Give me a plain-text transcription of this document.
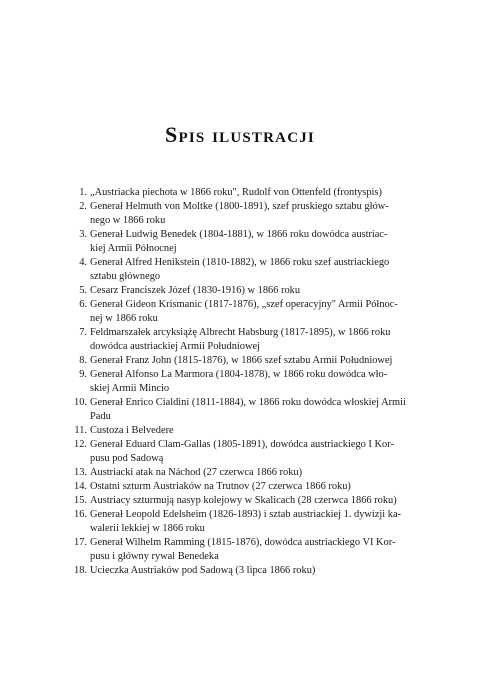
Spis ilustracji
1. „Austriacka piechota w 1866 roku", Rudolf von Ottenfeld (frontyspis)
2. Generał Helmuth von Moltke (1800-1891), szef pruskiego sztabu głów-
nego w 1866 roku
3. Generał Ludwig Benedek (1804-1881), w 1866 roku dowódca austriac-
kiej Armii Północnej
4. Generał Alfred Henikstein (1810-1882), w 1866 roku szef austriackiego
sztabu głównego
5. Cesarz Franciszek Józef (1830-1916) w 1866 roku
6. Generał Gideon Krismanic (1817-1876), „szef operacyjny" Armii Północ-
nej w 1866 roku
7. Feldmarszałek arcyksiążę Albrecht Habsburg (1817-1895), w 1866 roku
dowódca austriackiej Armii Południowej
8. Generał Franz John (1815-1876), w 1866 szef sztabu Armii Południowej
9. Generał Alfonso La Marmora (1804-1878), w 1866 roku dowódca wło-
skiej Armii Mincio
10. Generał Enrico Cialdini (1811-1884), w 1866 roku dowódca włoskiej Armii
Padu
11. Custoza i Belvedere
12. Generał Eduard Clam-Gallas (1805-1891), dowódca austriackiego I Kor-
pusu pod Sadową
13. Austriacki atak na Náchod (27 czerwca 1866 roku)
14. Ostatni szturm Austriaków na Trutnov (27 czerwca 1866 roku)
15. Austriacy szturmują nasyp kolejowy w Skalicach (28 czerwca 1866 roku)
16. Generał Leopold Edelsheim (1826-1893) i sztab austriackiej 1. dywizji ka-
walerii lekkiej w 1866 roku
17. Generał Wilhelm Ramming (1815-1876), dowódca austriackiego VI Kor-
pusu i główny rywal Benedeka
18. Ucieczka Austriaków pod Sadową (3 lipca 1866 roku)
